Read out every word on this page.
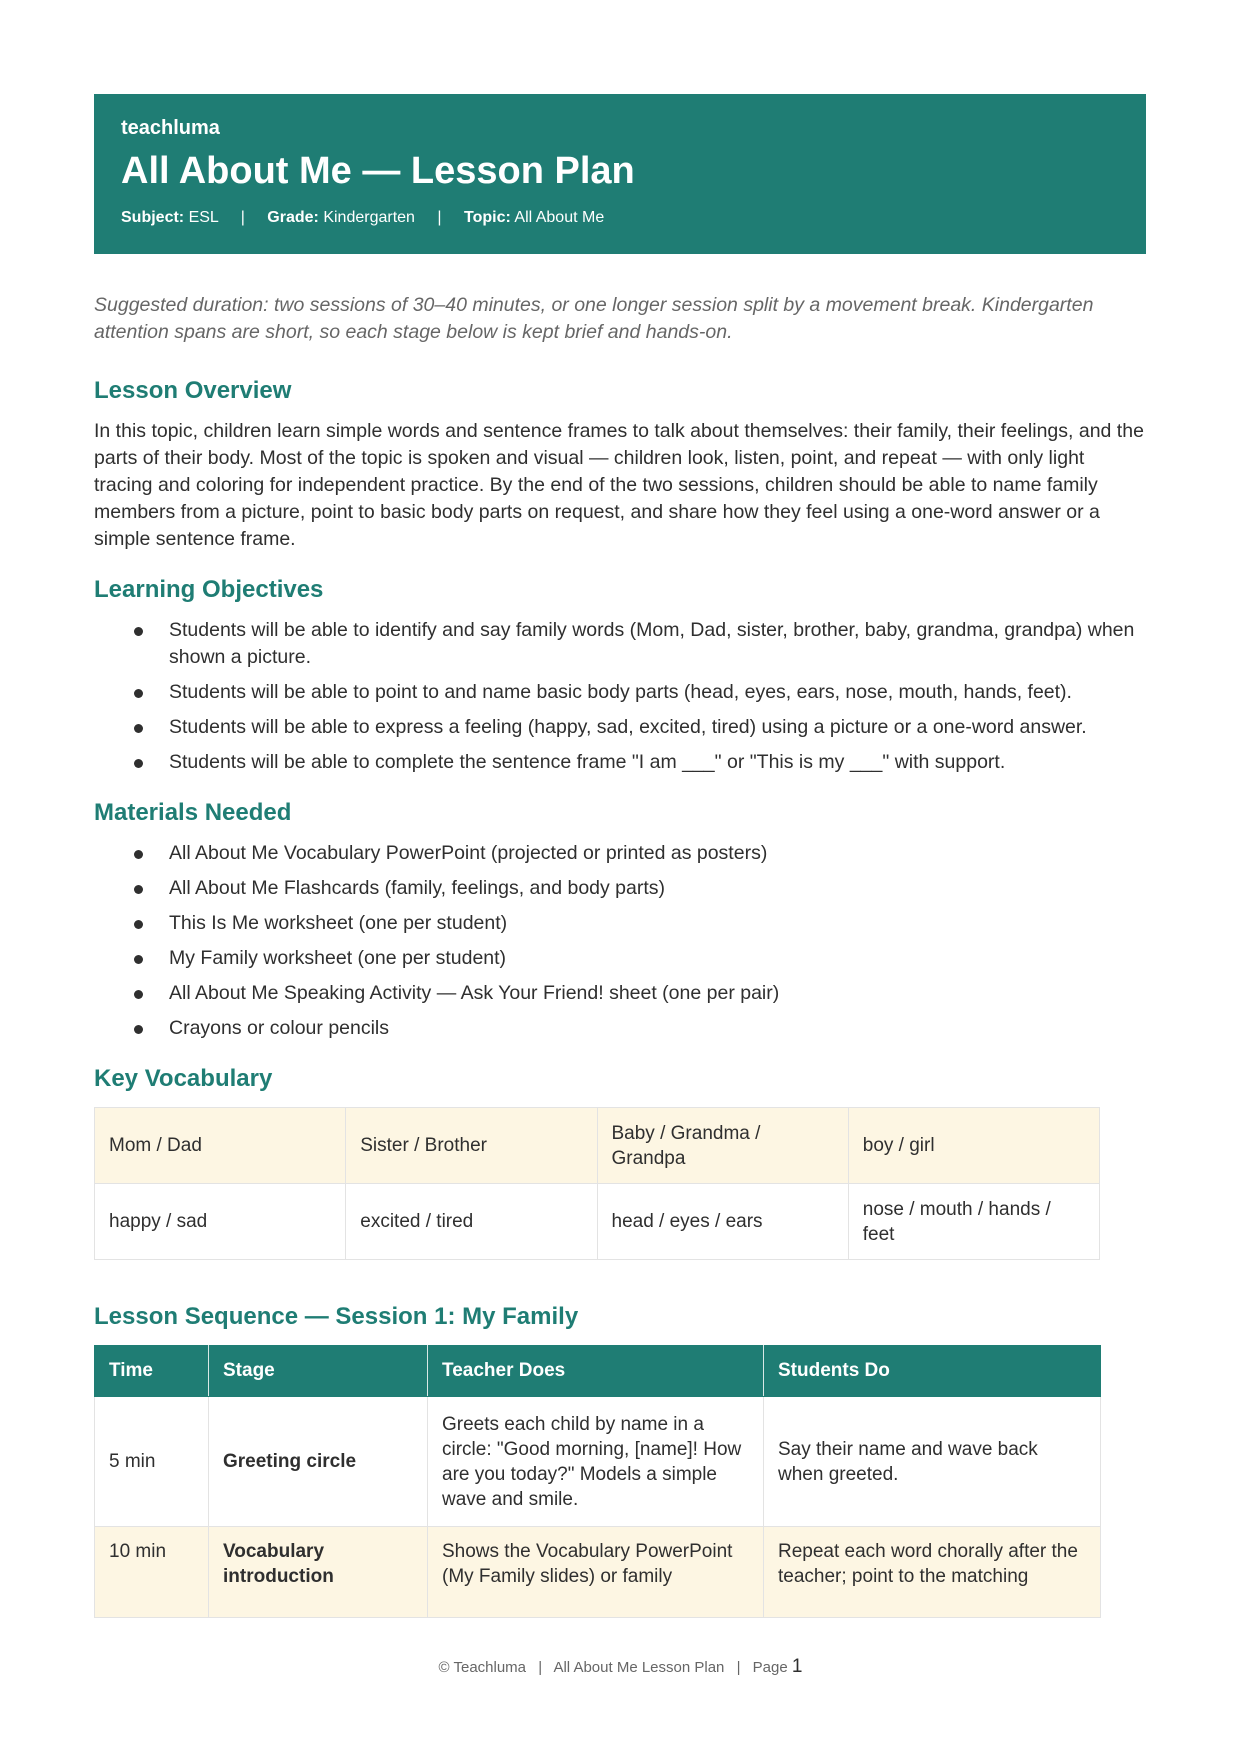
teachluma
All About Me — Lesson Plan
Subject: ESL | Grade: Kindergarten | Topic: All About Me

Suggested duration: two sessions of 30–40 minutes, or one longer session split by a movement break. Kindergarten attention spans are short, so each stage below is kept brief and hands-on.

Lesson Overview

In this topic, children learn simple words and sentence frames to talk about themselves: their family, their feelings, and the parts of their body. Most of the topic is spoken and visual — children look, listen, point, and repeat — with only light tracing and coloring for independent practice. By the end of the two sessions, children should be able to name family members from a picture, point to basic body parts on request, and share how they feel using a one-word answer or a simple sentence frame.

Learning Objectives
Students will be able to identify and say family words (Mom, Dad, sister, brother, baby, grandma, grandpa) when shown a picture.
Students will be able to point to and name basic body parts (head, eyes, ears, nose, mouth, hands, feet).
Students will be able to express a feeling (happy, sad, excited, tired) using a picture or a one-word answer.
Students will be able to complete the sentence frame "I am ___" or "This is my ___" with support.
Materials Needed
All About Me Vocabulary PowerPoint (projected or printed as posters)
All About Me Flashcards (family, feelings, and body parts)
This Is Me worksheet (one per student)
My Family worksheet (one per student)
All About Me Speaking Activity — Ask Your Friend! sheet (one per pair)
Crayons or colour pencils
Key Vocabulary
Mom / Dad	Sister / Brother	Baby / Grandma / Grandpa	boy / girl
happy / sad	excited / tired	head / eyes / ears	nose / mouth / hands / feet
Lesson Sequence — Session 1: My Family
Time	Stage	Teacher Does	Students Do
5 min	Greeting circle	Greets each child by name in a circle: "Good morning, [name]! How are you today?" Models a simple wave and smile.	Say their name and wave back when greeted.
10 min	Vocabulary introduction	Shows the Vocabulary PowerPoint (My Family slides) or family	Repeat each word chorally after the teacher; point to the matching
© Teachluma | All About Me Lesson Plan | Page 1
